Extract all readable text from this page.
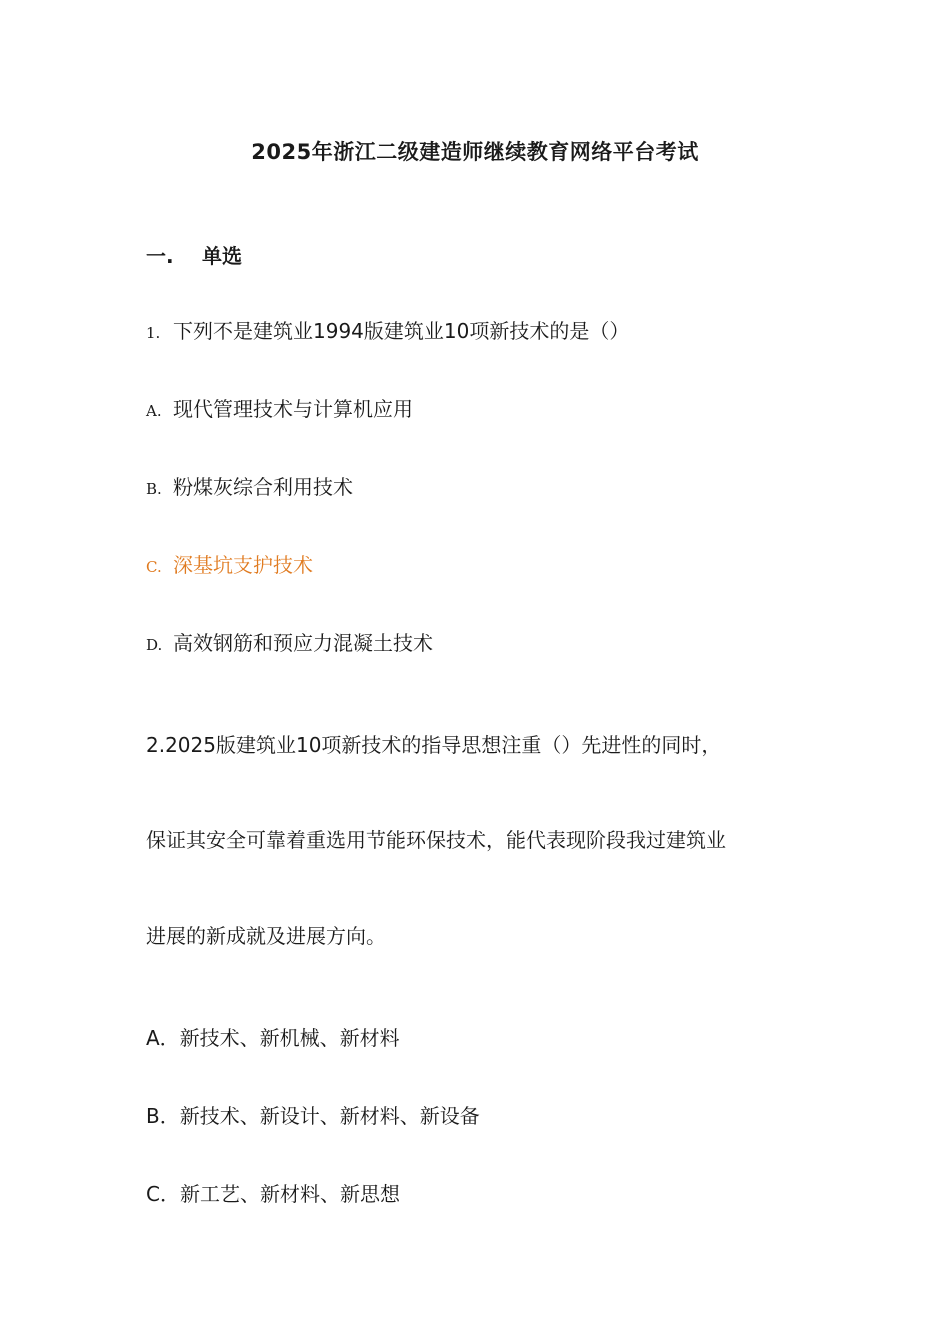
2025年浙江二级建造师继续教育网络平台考试
一. 单选
1. 下列不是建筑业1994版建筑业10项新技术的是（）
A. 现代管理技术与计算机应用
B. 粉煤灰综合利用技术
C. 深基坑支护技术
D. 高效钢筋和预应力混凝土技术
2.2025版建筑业10项新技术的指导思想注重（）先进性的同时，
保证其安全可靠着重选用节能环保技术，能代表现阶段我过建筑业
进展的新成就及进展方向。
A．新技术、新机械、新材料
B．新技术、新设计、新材料、新设备
C．新工艺、新材料、新思想
